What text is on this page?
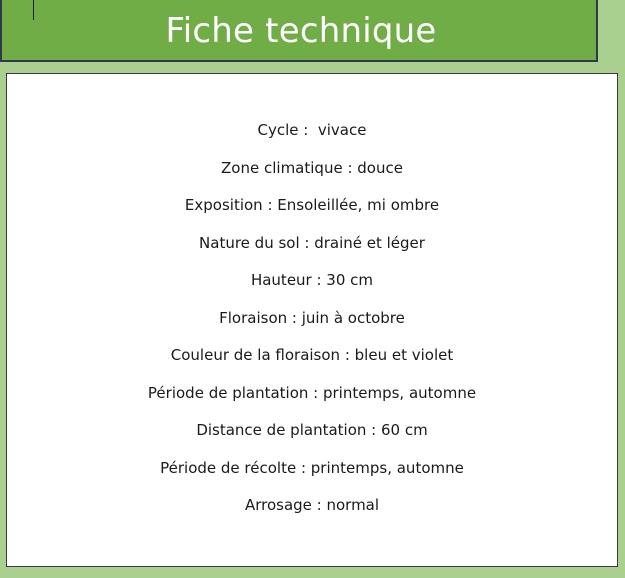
Fiche technique
Cycle :  vivace
Zone climatique : douce
Exposition : Ensoleillée, mi ombre
Nature du sol : drainé et léger
Hauteur : 30 cm
Floraison : juin à octobre
Couleur de la floraison : bleu et violet
Période de plantation : printemps, automne
Distance de plantation : 60 cm
Période de récolte : printemps, automne
Arrosage : normal
